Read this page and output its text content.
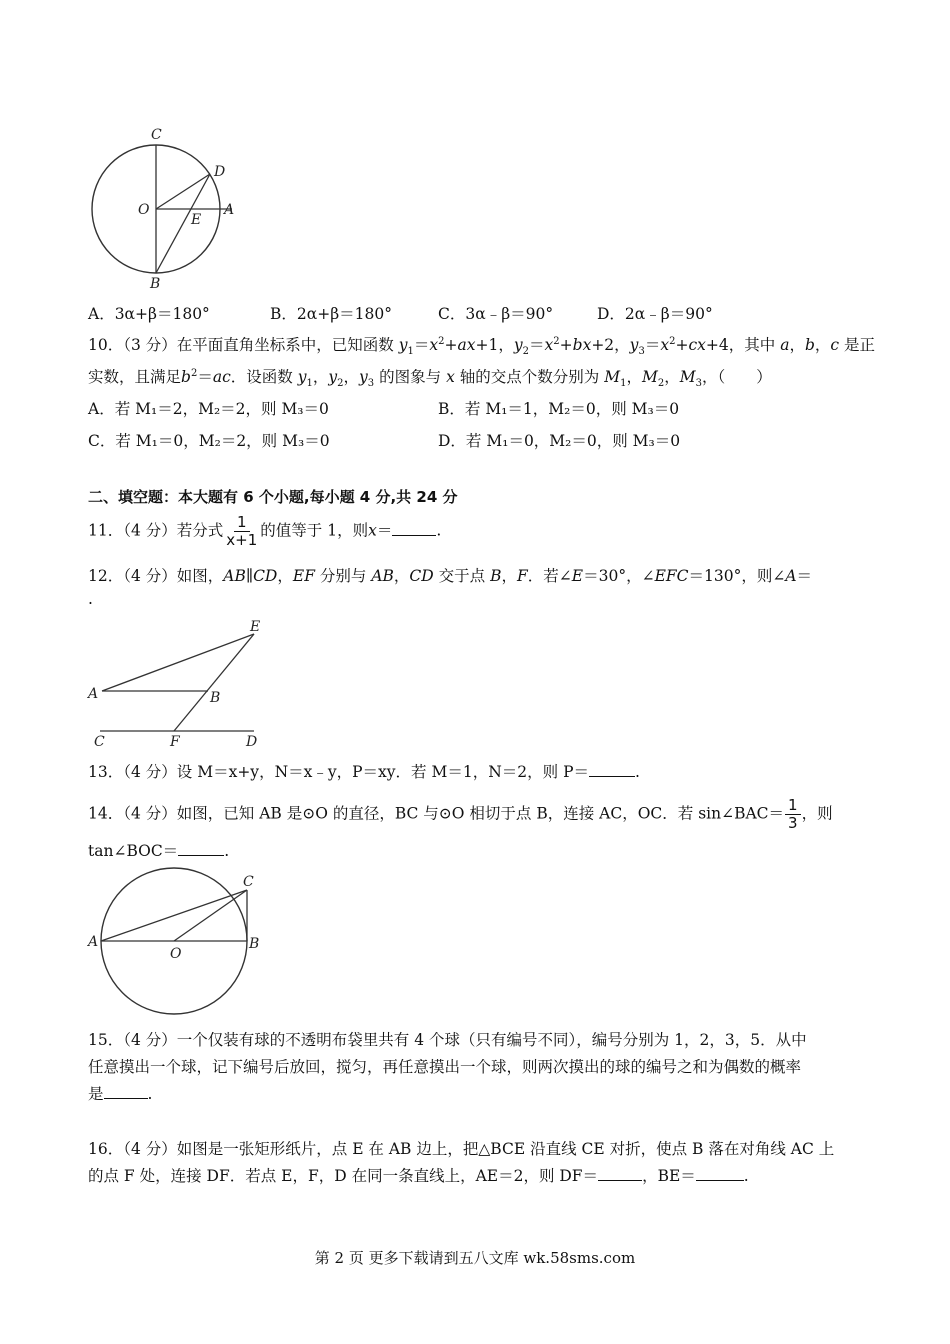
C
D
O
E
A
B
A．3α+β＝180°	B．2α+β＝180°	C．3α﹣β＝90°	D．2α﹣β＝90°
10．（3 分）在平面直角坐标系中，已知函数 $y_1=x^2+ax+1$，$y_2=x^2+bx+2$，$y_3=x^2+cx+4$，其中 a，b，c 是正
实数，且满足$b^2=ac$．设函数 $y_1$，$y_2$，$y_3$ 的图象与 x 轴的交点个数分别为 $M_1$，$M_2$，$M_3$，（　　）
A．若 M₁＝2，M₂＝2，则 M₃＝0	B．若 M₁＝1，M₂＝0，则 M₃＝0
C．若 M₁＝0，M₂＝2，则 M₃＝0	D．若 M₁＝0，M₂＝0，则 M₃＝0
二、填空题：本大题有 6 个小题,每小题 4 分,共 24 分
11．（4 分）若分式 $\frac{1}{x+1}$ 的值等于 1，则x＝	.
12．（4 分）如图，AB∥CD，EF 分别与 AB，CD 交于点 B，F．若∠E＝30°，∠EFC＝130°，则∠A＝
.
E
A	B
C	F	D
13．（4 分）设 M＝x+y，N＝x﹣y，P＝xy．若 M＝1，N＝2，则 P＝	.
14．（4 分）如图，已知 AB 是⊙O 的直径，BC 与⊙O 相切于点 B，连接 AC，OC．若 sin∠BAC＝ $\frac{1}{3}$ ，则
tan∠BOC＝	.
C
A
O
B
15．（4 分）一个仅装有球的不透明布袋里共有 4 个球（只有编号不同），编号分别为 1，2，3，5．从中
任意摸出一个球，记下编号后放回，搅匀，再任意摸出一个球，则两次摸出的球的编号之和为偶数的概率
是	.
16．（4 分）如图是一张矩形纸片，点 E 在 AB 边上，把△BCE 沿直线 CE 对折，使点 B 落在对角线 AC 上
的点 F 处，连接 DF．若点 E，F，D 在同一条直线上，AE＝2，则 DF＝	，BE＝	.
第 2 页 更多下载请到五八文库 wk.58sms.com
